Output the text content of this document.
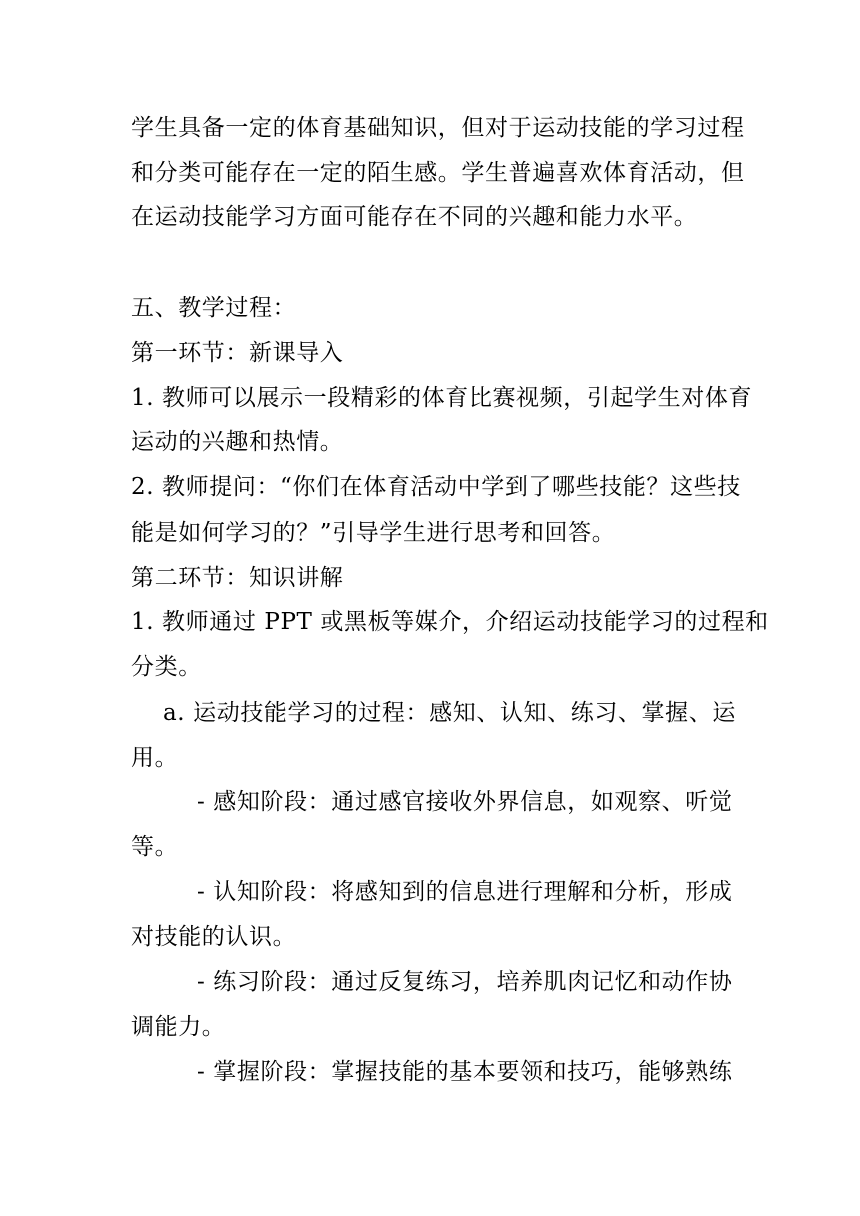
学生具备一定的体育基础知识，但对于运动技能的学习过程
和分类可能存在一定的陌生感。学生普遍喜欢体育活动，但
在运动技能学习方面可能存在不同的兴趣和能力水平。
五、教学过程：
第一环节：新课导入
1. 教师可以展示一段精彩的体育比赛视频，引起学生对体育
运动的兴趣和热情。
2. 教师提问：“你们在体育活动中学到了哪些技能？这些技
能是如何学习的？”引导学生进行思考和回答。
第二环节：知识讲解
1. 教师通过 PPT 或黑板等媒介，介绍运动技能学习的过程和
分类。
a. 运动技能学习的过程：感知、认知、练习、掌握、运
用。
- 感知阶段：通过感官接收外界信息，如观察、听觉
等。
- 认知阶段：将感知到的信息进行理解和分析，形成
对技能的认识。
- 练习阶段：通过反复练习，培养肌肉记忆和动作协
调能力。
- 掌握阶段：掌握技能的基本要领和技巧，能够熟练
